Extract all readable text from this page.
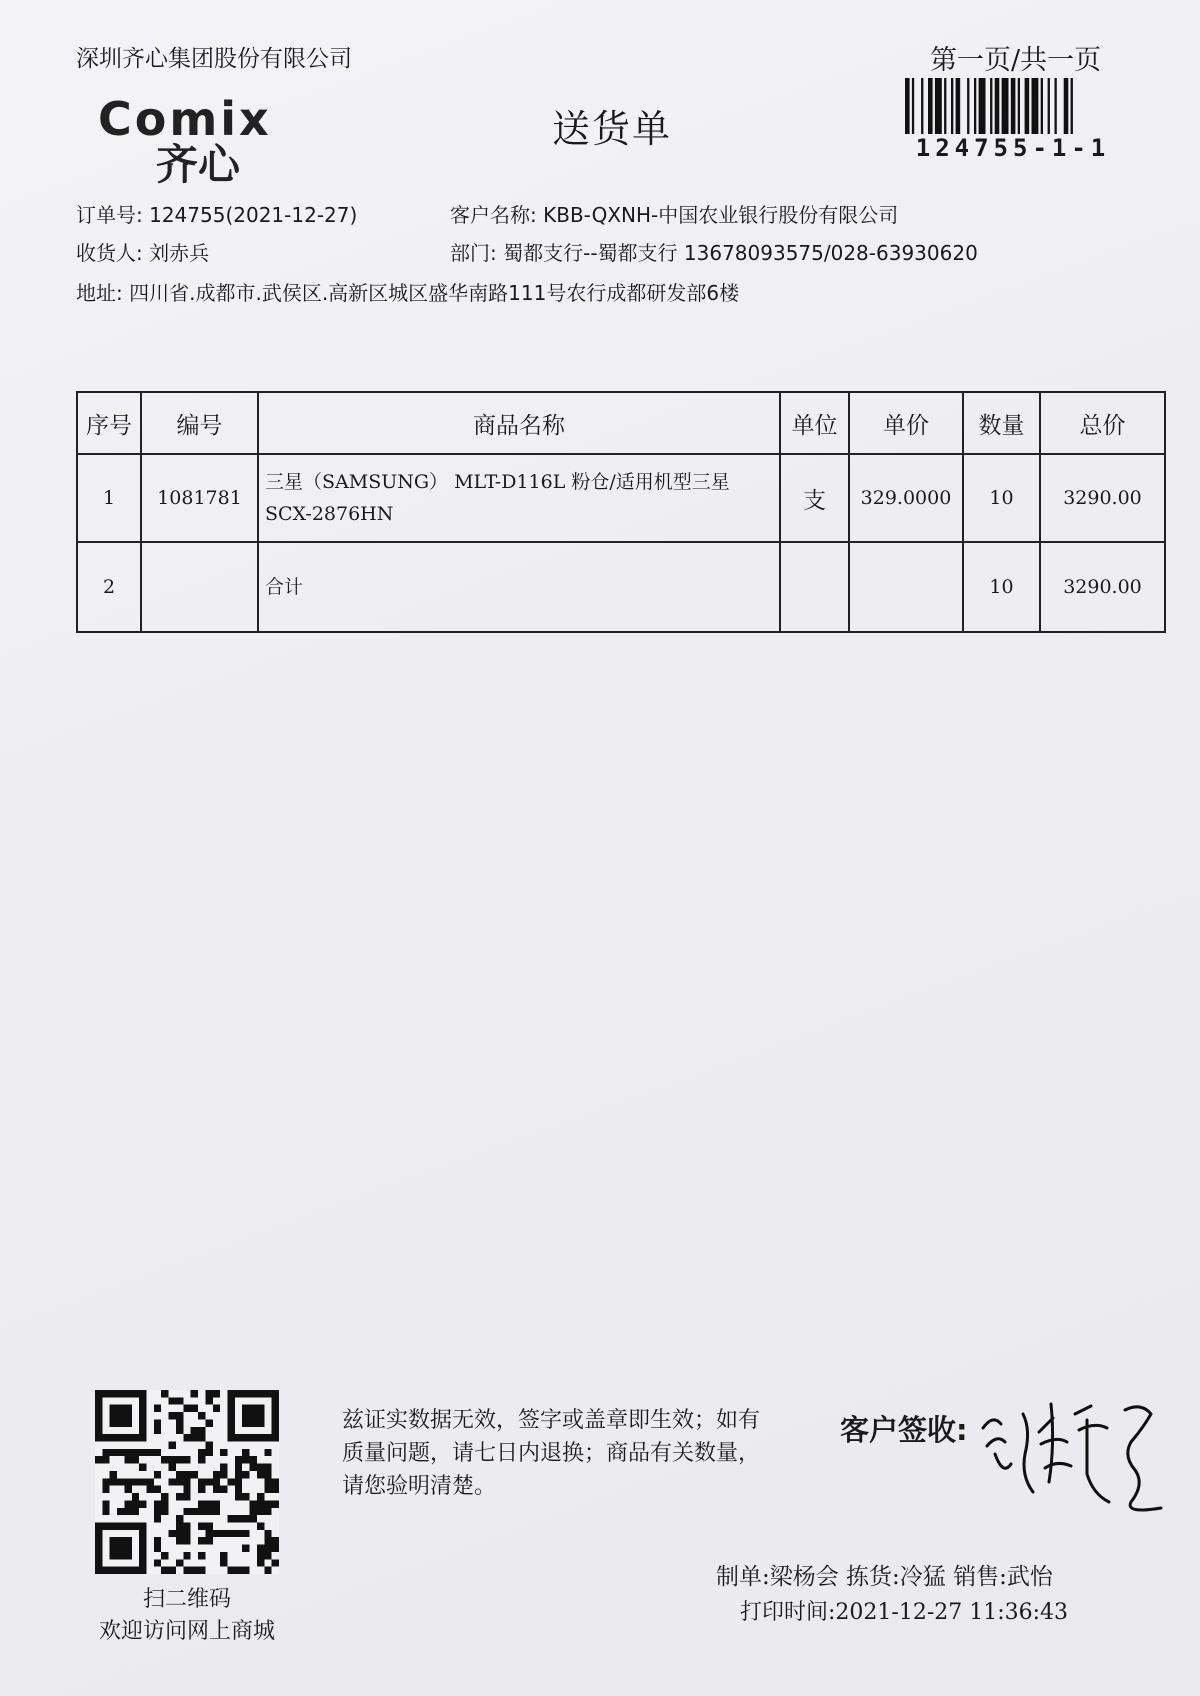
深圳齐心集团股份有限公司	第一页/共一页
Comix
齐心
送货单	124755-1-1
订单号: 124755(2021-12-27)	客户名称: KBB-QXNH-中国农业银行股份有限公司
收货人: 刘赤兵	部门: 蜀都支行--蜀都支行 13678093575/028-63930620
地址: 四川省.成都市.武侯区.高新区城区盛华南路111号农行成都研发部6楼
序号	编号	商品名称	单位	单价	数量	总价
1	1081781	三星（SAMSUNG） MLT-D116L 粉仓/适用机型三星SCX-2876HN	支	329.0000	10	3290.00
2		合计			10	3290.00
扫二维码
欢迎访问网上商城
兹证实数据无效，签字或盖章即生效；如有质量问题，请七日内退换；商品有关数量，请您验明清楚。
客户签收:
制单:梁杨会 拣货:冷猛 销售:武怡
打印时间:2021-12-27 11:36:43
